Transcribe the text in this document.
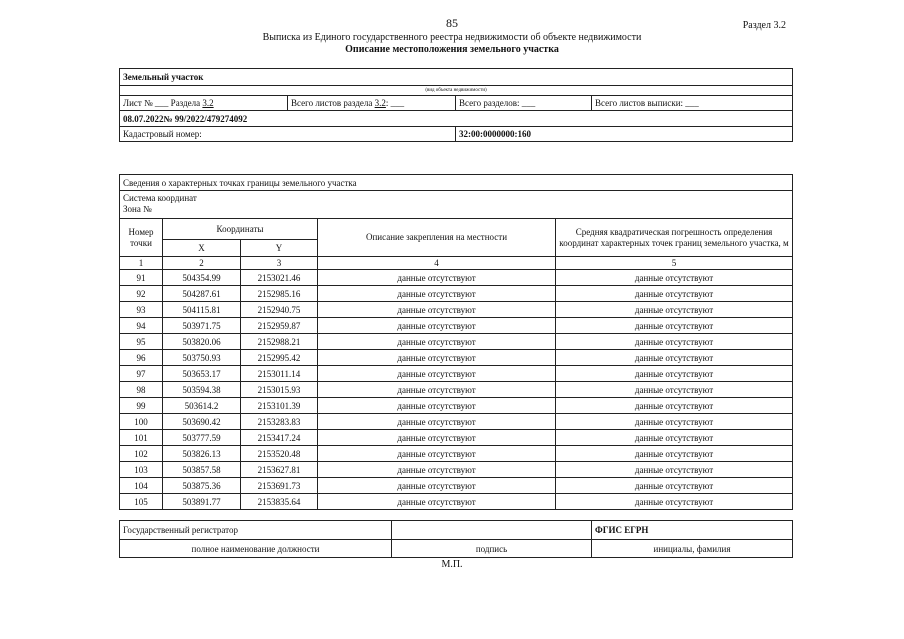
85	Раздел 3.2
Выписка из Единого государственного реестра недвижимости об объекте недвижимости
Описание местоположения земельного участка
Земельный участок			
(вид объекта недвижимости)			
Лист № ___ Раздела 3.2	Всего листов раздела 3.2: ___	Всего разделов: ___	Всего листов выписки: ___
08.07.2022№ 99/2022/479274092			
Кадастровый номер:		32:00:0000000:160	
Сведения о характерных точках границы земельного участка				

Система координат
Зона №				

Номер точки	Координаты		Описание закрепления на местности	Средняя квадратическая погрешность определения координат характерных точек границ земельного участка, м
	X	Y		
1	2	3	4	5
91	504354.99	2153021.46	данные отсутствуют	данные отсутствуют
92	504287.61	2152985.16	данные отсутствуют	данные отсутствуют
93	504115.81	2152940.75	данные отсутствуют	данные отсутствуют
94	503971.75	2152959.87	данные отсутствуют	данные отсутствуют
95	503820.06	2152988.21	данные отсутствуют	данные отсутствуют
96	503750.93	2152995.42	данные отсутствуют	данные отсутствуют
97	503653.17	2153011.14	данные отсутствуют	данные отсутствуют
98	503594.38	2153015.93	данные отсутствуют	данные отсутствуют
99	503614.2	2153101.39	данные отсутствуют	данные отсутствуют
100	503690.42	2153283.83	данные отсутствуют	данные отсутствуют
101	503777.59	2153417.24	данные отсутствуют	данные отсутствуют
102	503826.13	2153520.48	данные отсутствуют	данные отсутствуют
103	503857.58	2153627.81	данные отсутствуют	данные отсутствуют
104	503875.36	2153691.73	данные отсутствуют	данные отсутствуют
105	503891.77	2153835.64	данные отсутствуют	данные отсутствуют
Государственный регистратор		ФГИС ЕГРН
полное наименование должности	подпись	инициалы, фамилия
М.П.
